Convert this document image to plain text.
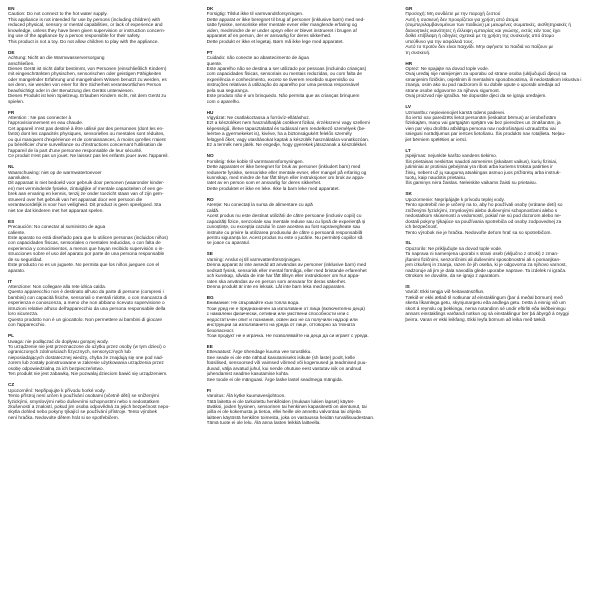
EN
Caution: Do not connect to the hot water supply.
This appliance is not intended for use by persons (including children) with
reduced physical, sensory or mental capabilities, or lack of experience and
knowledge, unless they have been given supervision or instruction concern-
ing use of the appliance by a person responsible for their safety.
This product is not a toy. Do not allow children to play with the appliance.
DE
Achtung: Nicht an die Warmwasserversorgung
anschließen.
Dieses Gerät ist nicht dafür bestimmt, von Personen (einschließlich Kindern)
mit eingeschränkten physischen, sensorischen oder geistigen Fähigkeiten
oder mangelnder Erfahrung und mangelndem Wissen benutzt zu werden, es
sei denn, sie werden von einer für ihre Sicherheit verantwortlichen Person
beaufsichtigt oder in der Benutzung des Geräts unterwiesen.
Dieses Produkt ist kein Spielzeug. Erlauben Kindern nicht, mit dem Gerät zu
spielen.
FR
Attention : Ne pas connecter à
l'approvisionnement en eau chaude.
Cet appareil n'est pas destiné à être utilisé par des personnes (dont les en-
fants) dont les capacités physiques, sensorielles ou mentales sont réduites,
ou qui manquent d'expérience et de connaissances, à moins qu'elles n'aient
pu bénéficier d'une surveillance ou d'instructions concernant l'utilisation de
l'appareil de la part d'une personne responsable de leur sécurité.
Ce produit n'est pas un jouet. Ne laissez pas les enfants jouer avec l'appareil.
NL
Waarschuwing: niet op de warmwatertoevoer
aansluiten.
Dit apparaat is niet bedoeld voor gebruik door personen (waaronder kinder-
en) met verminderde fysieke, zintuiglijke of mentale capaciteiten of een ge-
brek aan ervaring en kennis, tenzij ze onder toezicht staan van of zijn geïn-
strueerd over het gebruik van het apparaat door een persoon die
verantwoordelijk is voor hun veiligheid. Dit product is geen speelgoed. Sta
niet toe dat kinderen met het apparaat spelen.
ES
Precaución: No conectar al suministro de agua
caliente.
Este aparato no está diseñado para que lo utilicen personas (incluidos niños)
con capacidades físicas, sensoriales o mentales reducidas, o con falta de
experiencia y conocimientos, a menos que hayan recibido supervisión o in-
strucciones sobre el uso del aparato por parte de una persona responsable
de su seguridad.
Este producto no es un juguete. No permita que los niños jueguen con el
aparato.
IT
Attenzione: Non collegare alla rete idrica calda.
Questo apparecchio non è destinato all'uso da parte di persone (compresi i
bambini) con capacità fisiche, sensoriali o mentali ridotte, o con mancanza di
esperienza e conoscenza, a meno che non abbiano ricevuto supervisione o
istruzioni relative all'uso dell'apparecchio da una persona responsabile della
loro sicurezza.
Questo prodotto non è un giocattolo. Non permettere ai bambini di giocare
con l'apparecchio.
PL
Uwaga: nie podłączać do dopływu gorącej wody.
To urządzenie nie jest przeznaczone do użytku przez osoby (w tym dzieci) o
ograniczonych zdolnościach fizycznych, sensorycznych lub
nieposiadających dostatecznej wiedzy, chyba że znajdują się one pod nad-
zorem lub zostały poinstruowane w zakresie użytkowania urządzenia przez
osobę odpowiedzialną za ich bezpieczeństwo.
Ten produkt nie jest zabawką. Nie pozwalaj dzieciom bawić się urządzeniem.
CZ
Upozornění: Nepřipojujte k přívodu horké vody.
Tento přístroj není určen k používání osobami (včetně dětí) se sníženými
fyzickými, smyslovými nebo duševními schopnostmi nebo s nedostatkem
zkušeností a znalostí, pokud jim osoba odpovědná za jejich bezpečnost nepo-
skytla dohled nebo pokyny týkající se používání přístroje. Tento výrobek
není hračka. Nedovolte dětem hrát si se spotřebičem.
DK
Forsigtig: Tilslut ikke til varmvandsforsyningen.
Dette apparat er ikke beregnet til brug af personer (inklusive børn) med ned-
satte fysiske, sensoriske eller mentale evner eller manglende erfaring og
viden, medmindre de er under opsyn eller er blevet instrueret i brugen af
apparatet af en person, der er ansvarlig for deres sikkerhed.
Dette produkt er ikke et legetøj. Børn må ikke lege med apparatet.
PT
Cuidado: não conecte ao abastecimento de água
quente.
Este aparelho não se destina a ser utilizado por pessoas (incluindo crianças)
com capacidades físicas, sensoriais ou mentais reduzidas, ou com falta de
experiência e conhecimento, exceto se tiverem recebido supervisão ou
instruções relativas à utilização do aparelho por uma pessoa responsável
pela sua segurança.
Este produto não é um brinquedo. Não permita que as crianças brinquem
com o aparelho.
HU
Vigyázat: Ne csatlakoztassa a forróvíz-ellátáshoz.
Ezt a készüléket nem használhatják csökkent fizikai, érzékszervi vagy szellemi
képességű, illetve tapasztalattal és tudással nem rendelkező személyek (be-
leértve a gyermekeket is), kivéve, ha a biztonságukért felelős személy
felügyeli őket, vagy utasításokat kaptak a készülék használatára vonatkozóan.
Ez a termék nem játék. Ne engedje, hogy gyerekek játsszanak a készülékkel.
NO
Forsiktig: Ikke koble til varmtvannsforsyningen.
Dette apparatet er ikke beregnet for bruk av personer (inkludert barn) med
reduserte fysiske, sensoriske eller mentale evner, eller mangel på erfaring og
kunnskap, med mindre de har fått tilsyn eller instruksjoner om bruk av appa-
ratet av en person som er ansvarlig for deres sikkerhet.
Dette produktet er ikke en leke. Ikke la barn leke med apparatet.
RO
Atenție: Nu conectați la sursa de alimentare cu apă
caldă.
Acest produs nu este destinat utilizării de către persoane (inclusiv copii) cu
capacități fizice, senzoriale sau mentale reduse sau cu lipsă de experiență și
cunoștințe, cu excepția cazului în care acestea au fost supravegheate sau
instruite cu privire la utilizarea produsului de către o persoană responsabilă
pentru siguranța lor. Acest produs nu este o jucărie. Nu permiteți copiilor să
se joace cu aparatul.
SE
Varning: Anslut ej till varmvattenförsörjningen.
Denna apparat är inte avsedd att användas av personer (inklusive barn) med
nedsatt fysisk, sensorisk eller mental förmåga, eller med bristande erfarenhet
och kunskap, såvida de inte har fått tillsyn eller instruktioner om hur appa-
raten ska användas av en person som ansvarar för deras säkerhet.
Denna produkt är inte en leksak. Låt inte barn leka med apparaten.
BG
Внимание: Не свързвайте към топла вода.
Този уред не е предназначен за използване от лица (включително деца)
с намалени физически, сетивни или умствени способности или с
недостатъчен опит и познания, освен ако не са получили надзор или
инструкции за използването на уреда от лице, отговорно за тяхната
безопасност.
Този продукт не е играчка. Не позволявайте на деца да си играят с уреда.
EE
Ettevaatust: Ärge ühendage kuuma vee torustikku.
See seade ei ole ette nähtud kasutamiseks isikute (sh laste) poolt, kelle
füüsilised, sensoorsed või vaimsed võimed või kogemused ja teadmised puu-
duvad, välja arvatud juhul, kui nende ohutuse eest vastutav isik on andnud
juhendamist seadme kasutamise kohta.
See toode ei ole mänguasi. Ärge laske lastel seadmega mängida.
FI
Varoitus: Älä kytke kuumavesijohtoon.
Tätä laitetta ei ole tarkoitettu henkilöiden (mukaan lukien lapset) käytet-
täväksi, joiden fyysinen, sensorinen tai henkinen kapasiteetti on alentunut, tai
joilla ei ole kokemusta ja tietoa, ellei heille ole annettu valvontaa tai ohjeita
laitteen käytöstä henkilön toimesta, joka on vastuussa heidän turvallisuudestaan.
Tämä tuote ei ole lelu. Älä anna lasten leikkiä laitteella.
GR
Προσοχή: Μη συνδέετε με την παροχή ζεστού
Αυτή η συσκευή δεν προορίζεται για χρήση από άτομα
(συμπεριλαμβανομένων των παιδιών) με μειωμένες σωματικές, αισθητηριακές ή
διανοητικές ικανότητες ή έλλειψη εμπειρίας και γνώσης, εκτός εάν τους έχει
δοθεί επίβλεψη ή οδηγίες σχετικά με τη χρήση της συσκευής από άτομο
υπεύθυνο για την ασφάλειά τους.
Αυτό το προϊόν δεν είναι παιχνίδι. Μην αφήνετε τα παιδιά να παίζουν με
τη συσκευή.
HR
Oprez: Ne spajajte na dovod tople vode.
Ovaj uređaj nije namijenjen za uporabu od strane osoba (uključujući djecu) sa
smanjenim fizičkim, osjetilnim ili mentalnim sposobnostima, ili nedostatkom iskustva i
znanja, osim ako su pod nadzorom ili su dobile upute o uporabi uređaja od
strane osobe odgovorne za njihovu sigurnost.
Ovaj proizvod nije igračka. Ne dopustite djeci da se igraju uređajem.
LV
Uzmanību: nepievienojiet karstā ūdens padevei.
Šo ierīci nav paredzēts lietot personām (ieskaitot bērnus) ar ierobežotām
fiziskajām, maņu vai garīgajām spējām vai bez pieredzes un zināšanām, ja
vien par viņu drošību atbildīga persona nav nodrošinājusi uzraudzību vai
sniegusi norādījumus par ierīces lietošanu. Šis produkts nav rotaļlieta. Neļau-
jiet bērniem spēlēties ar ierīci.
LT
Įspėjimas: nejunkite karšto vandens tiekimo.
Šis prietaisas neskirtas naudoti asmenims (įskaitant vaikus), kurių fiziniai,
jutiminiai ar protiniai gebėjimai yra riboti arba kuriems trūksta patirties ir
žinių, nebent už jų saugumą atsakingas asmuo juos prižiūrėtų arba instruk-
tuotų, kaip naudotis prietaisu.
Šis gaminys nėra žaislas. Neleiskite vaikams žaisti su prietaisu.
SK
Upozornenie: Nepripájajte k prívodu teplej vody.
Tento spotrebič nie je určený na to, aby ho používali osoby (vrátane detí) so
zníženými fyzickými, zmyslovými alebo duševnými schopnosťami alebo s
nedostatkom skúseností a vedomostí, pokiaľ nie sú pod dozorom alebo ne-
dostali pokyny týkajúce sa používania spotrebiča od osoby zodpovednej za
ich bezpečnosť.
Tento výrobok nie je hračka. Nedovoľte deťom hrať sa so spotrebičom.
SL
Opozorilo: Ne priključujte na dovod tople vode.
Ta naprava ni namenjena uporabi s strani oseb (vključno z otroki) z zman-
jšanimi fizičnimi, senzoričnimi ali duševnimi sposobnostmi ali s pomanjkan-
jem izkušenj in znanja, razen če jih oseba, ki je odgovorna za njihovo varnost,
nadzoruje ali jim je dala navodila glede uporabe naprave. Ta izdelek ni igrača.
Otrokom ne dovolite, da se igrajo z aparatom.
IS
Varúð: Ekki tengja við heitavatnsöflun.
Tækið er ekki ætlað til notkunar af einstaklingum (þar á meðal börnum) með
skerta líkamlega getu, skynjunargetu eða andlega getu. Þetta á einnig við um
skort á reynslu og þekkingu, nema notandinn sé undir eftirliti eða leiðbeiningu
annars einstaklings varðandi notkun og sá einstaklingur ber þá ábyrgð á öryggi
þeirra. Varan er ekki leikfang. Ekki leyfa börnum að leika með tækið.
